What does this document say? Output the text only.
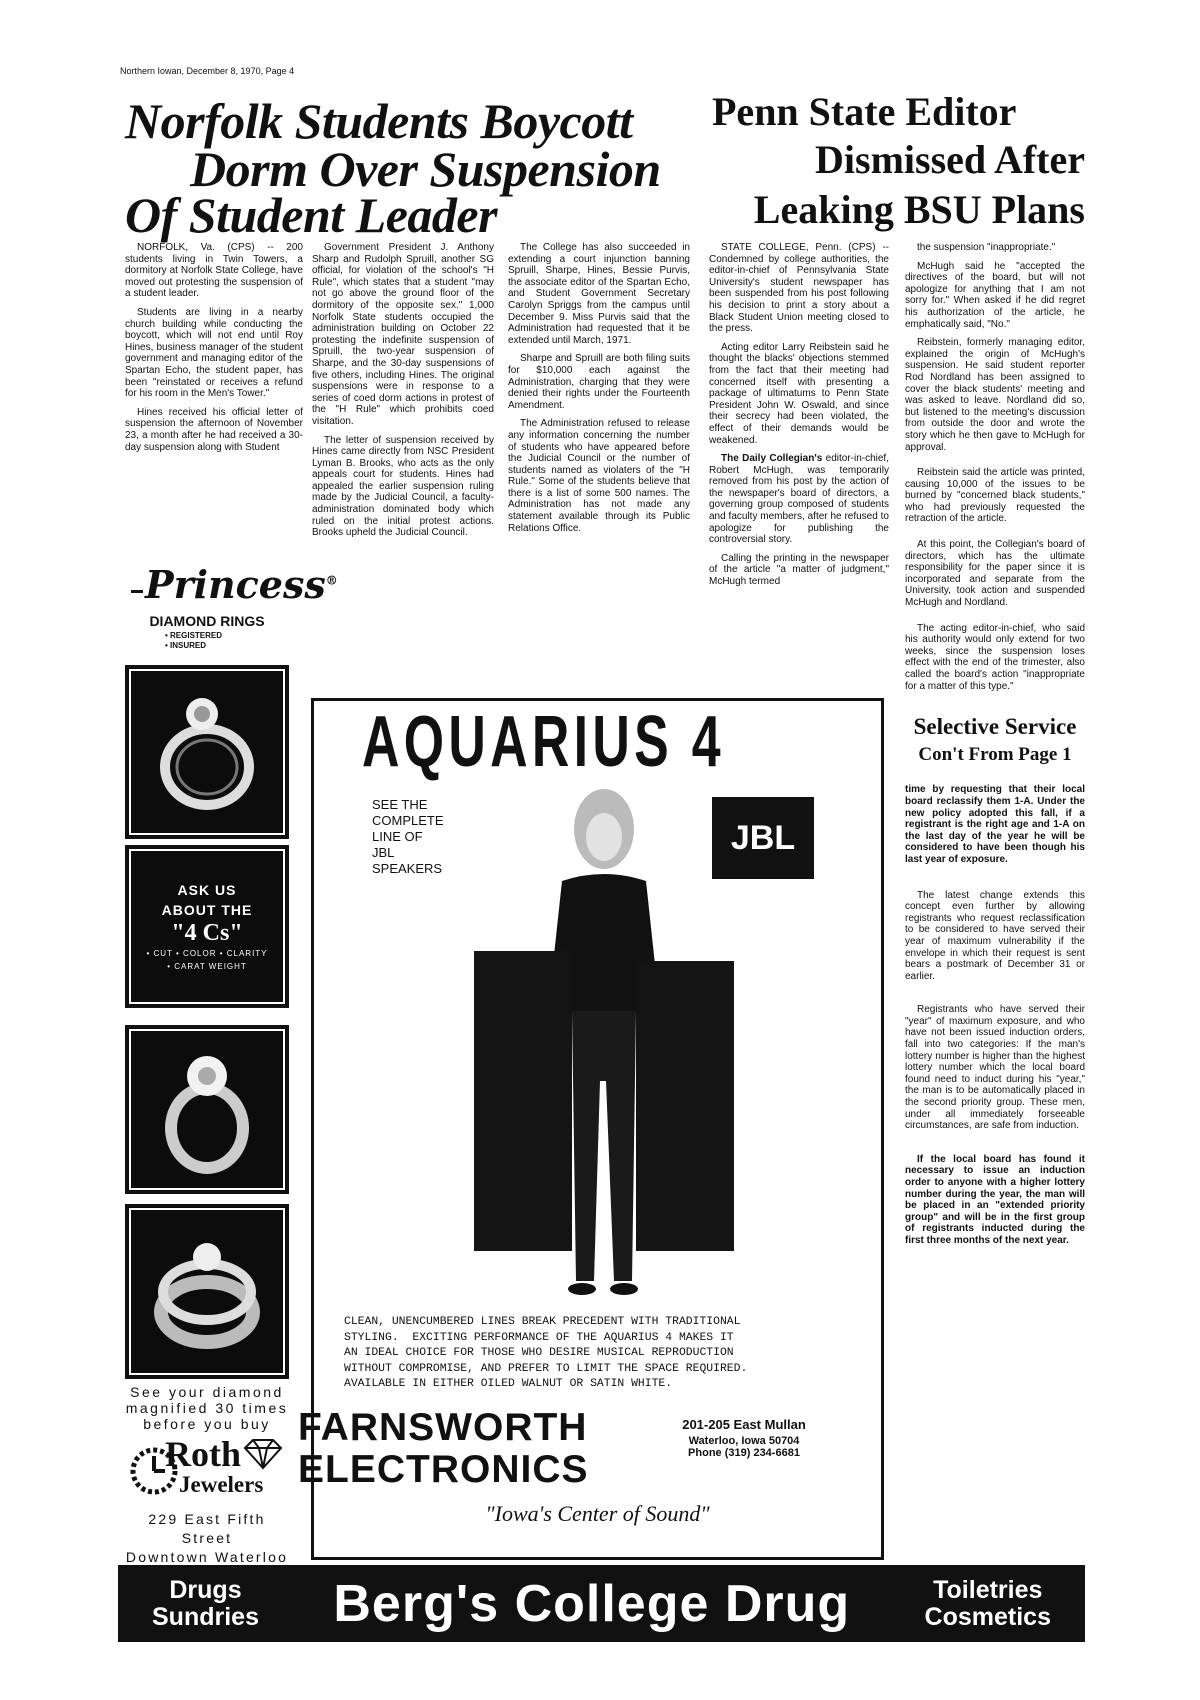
Northern Iowan, December 8, 1970, Page 4
Norfolk Students Boycott
Dorm Over Suspension
Of Student Leader
Penn State Editor
Dismissed After
Leaking BSU Plans

NORFOLK, Va. (CPS) -- 200 students living in Twin Towers, a dormitory at Norfolk State College, have moved out protesting the suspension of a student leader.

Students are living in a nearby church building while conducting the boycott, which will not end until Roy Hines, business manager of the student government and managing editor of the Spartan Echo, the student paper, has been "reinstated or receives a refund for his room in the Men's Tower."

Hines received his official letter of suspension the afternoon of November 23, a month after he had received a 30-day suspension along with Student

Government President J. Anthony Sharp and Rudolph Spruill, another SG official, for violation of the school's "H Rule", which states that a student "may not go above the ground floor of the dormitory of the opposite sex." 1,000 Norfolk State students occupied the administration building on October 22 protesting the indefinite suspension of Spruill, the two-year suspension of Sharpe, and the 30-day suspensions of five others, including Hines. The original suspensions were in response to a series of coed dorm actions in protest of the "H Rule" which prohibits coed visitation.

The letter of suspension received by Hines came directly from NSC President Lyman B. Brooks, who acts as the only appeals court for students. Hines had appealed the earlier suspension ruling made by the Judicial Council, a faculty-administration dominated body which ruled on the initial protest actions. Brooks upheld the Judicial Council.

The College has also succeeded in extending a court injunction banning Spruill, Sharpe, Hines, Bessie Purvis, the associate editor of the Spartan Echo, and Student Government Secretary Carolyn Spriggs from the campus until December 9. Miss Purvis said that the Administration had requested that it be extended until March, 1971.

Sharpe and Spruill are both filing suits for $10,000 each against the Administration, charging that they were denied their rights under the Fourteenth Amendment.

The Administration refused to release any information concerning the number of students who have appeared before the Judicial Council or the number of students named as violaters of the "H Rule." Some of the students believe that there is a list of some 500 names. The Administration has not made any statement available through its Public Relations Office.

STATE COLLEGE, Penn. (CPS) -- Condemned by college authorities, the editor-in-chief of Pennsylvania State University's student newspaper has been suspended from his post following his decision to print a story about a Black Student Union meeting closed to the press.

Acting editor Larry Reibstein said he thought the blacks' objections stemmed from the fact that their meeting had concerned itself with presenting a package of ultimatums to Penn State President John W. Oswald, and since their secrecy had been violated, the effect of their demands would be weakened.

The Daily Collegian's editor-in-chief, Robert McHugh, was temporarily removed from his post by the action of the newspaper's board of directors, a governing group composed of students and faculty members, after he refused to apologize for publishing the controversial story.

Calling the printing in the newspaper of the article "a matter of judgment," McHugh termed

the suspension "inappropriate."

McHugh said he "accepted the directives of the board, but will not apologize for anything that I am not sorry for." When asked if he did regret his authorization of the article, he emphatically said, "No."

Reibstein, formerly managing editor, explained the origin of McHugh's suspension. He said student reporter Rod Nordland has been assigned to cover the black students' meeting and was asked to leave. Nordland did so, but listened to the meeting's discussion from outside the door and wrote the story which he then gave to McHugh for approval.

Reibstein said the article was printed, causing 10,000 of the issues to be burned by "concerned black students," who had previously requested the retraction of the article.

At this point, the Collegian's board of directors, which has the ultimate responsibility for the paper since it is incorporated and separate from the University, took action and suspended McHugh and Nordland.

The acting editor-in-chief, who said his authority would only extend for two weeks, since the suspension loses effect with the end of the trimester, also called the board's action "inappropriate for a matter of this type."

Selective Service
Con't From Page 1

time by requesting that their local board reclassify them 1-A. Under the new policy adopted this fall, if a registrant is the right age and 1-A on the last day of the year he will be considered to have been though his last year of exposure.

The latest change extends this concept even further by allowing registrants who request reclassification to be considered to have served their year of maximum vulnerability if the envelope in which their request is sent bears a postmark of December 31 or earlier.

Registrants who have served their "year" of maximum exposure, and who have not been issued induction orders, fall into two categories: If the man's lottery number is higher than the highest lottery number which the local board found need to induct during his "year," the man is to be automatically placed in the second priority group. These men, under all immediately forseeable circumstances, are safe from induction.

If the local board has found it necessary to issue an induction order to anyone with a higher lottery number during the year, the man will be placed in an "extended priority group" and will be in the first group of registrants inducted during the first three months of the next year.

Princess®
DIAMOND RINGS
• REGISTERED
• INSURED
ASK US
ABOUT THE
"4 Cs"
• CUT • COLOR • CLARITY
• CARAT WEIGHT
See your diamond
magnified 30 times
before you buy
Roth
Jewelers
229 East Fifth Street
Downtown Waterloo
AQUARIUS 4
SEE THE
COMPLETE
LINE OF
JBL
SPEAKERS
JBL
CLEAN, UNENCUMBERED LINES BREAK PRECEDENT WITH TRADITIONAL
STYLING.  EXCITING PERFORMANCE OF THE AQUARIUS 4 MAKES IT
AN IDEAL CHOICE FOR THOSE WHO DESIRE MUSICAL REPRODUCTION
WITHOUT COMPROMISE, AND PREFER TO LIMIT THE SPACE REQUIRED.
AVAILABLE IN EITHER OILED WALNUT OR SATIN WHITE.
FARNSWORTH
ELECTRONICS
201-205 East Mullan
Waterloo, Iowa 50704
Phone (319) 234-6681
"Iowa's Center of Sound"
Drugs
Sundries Berg's College Drug	Toiletries
Cosmetics
